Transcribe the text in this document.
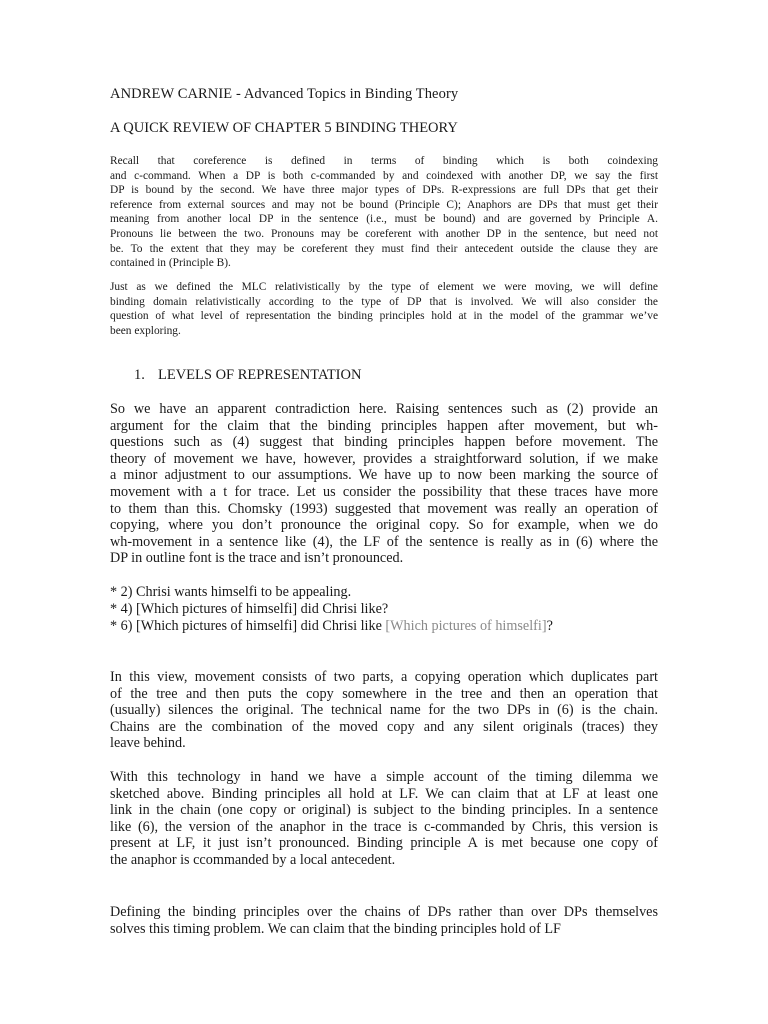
ANDREW CARNIE - Advanced Topics in Binding Theory
A QUICK REVIEW OF CHAPTER 5 BINDING THEORY
Recall that coreference is defined in terms of binding which is both coindexing
and c-command. When a DP is both c-commanded by and coindexed with another DP, we say the first
DP is bound by the second. We have three major types of DPs. R-expressions are full DPs that get their
reference from external sources and may not be bound (Principle C); Anaphors are DPs that must get their
meaning from another local DP in the sentence (i.e., must be bound) and are governed by Principle A.
Pronouns lie between the two. Pronouns may be coreferent with another DP in the sentence, but need not
be. To the extent that they may be coreferent they must find their antecedent outside the clause they are
contained in (Principle B).
Just as we defined the MLC relativistically by the type of element we were moving, we will define
binding domain relativistically according to the type of DP that is involved. We will also consider the
question of what level of representation the binding principles hold at in the model of the grammar we’ve
been exploring.
1. LEVELS OF REPRESENTATION
So we have an apparent contradiction here. Raising sentences such as (2) provide an
argument for the claim that the binding principles happen after movement, but wh-
questions such as (4) suggest that binding principles happen before movement. The
theory of movement we have, however, provides a straightforward solution, if we make
a minor adjustment to our assumptions. We have up to now been marking the source of
movement with a t for trace. Let us consider the possibility that these traces have more
to them than this. Chomsky (1993) suggested that movement was really an operation of
copying, where you don’t pronounce the original copy. So for example, when we do
wh-movement in a sentence like (4), the LF of the sentence is really as in (6) where the
DP in outline font is the trace and isn’t pronounced.
* 2) Chrisi wants himselfi to be appealing.
* 4) [Which pictures of himselfi] did Chrisi like?
* 6) [Which pictures of himselfi] did Chrisi like [Which pictures of himselfi]?
In this view, movement consists of two parts, a copying operation which duplicates part
of the tree and then puts the copy somewhere in the tree and then an operation that
(usually) silences the original. The technical name for the two DPs in (6) is the chain.
Chains are the combination of the moved copy and any silent originals (traces) they
leave behind.
With this technology in hand we have a simple account of the timing dilemma we
sketched above. Binding principles all hold at LF. We can claim that at LF at least one
link in the chain (one copy or original) is subject to the binding principles. In a sentence
like (6), the version of the anaphor in the trace is c-commanded by Chris, this version is
present at LF, it just isn’t pronounced. Binding principle A is met because one copy of
the anaphor is ccommanded by a local antecedent.
Defining the binding principles over the chains of DPs rather than over DPs themselves
solves this timing problem. We can claim that the binding principles hold of LF
